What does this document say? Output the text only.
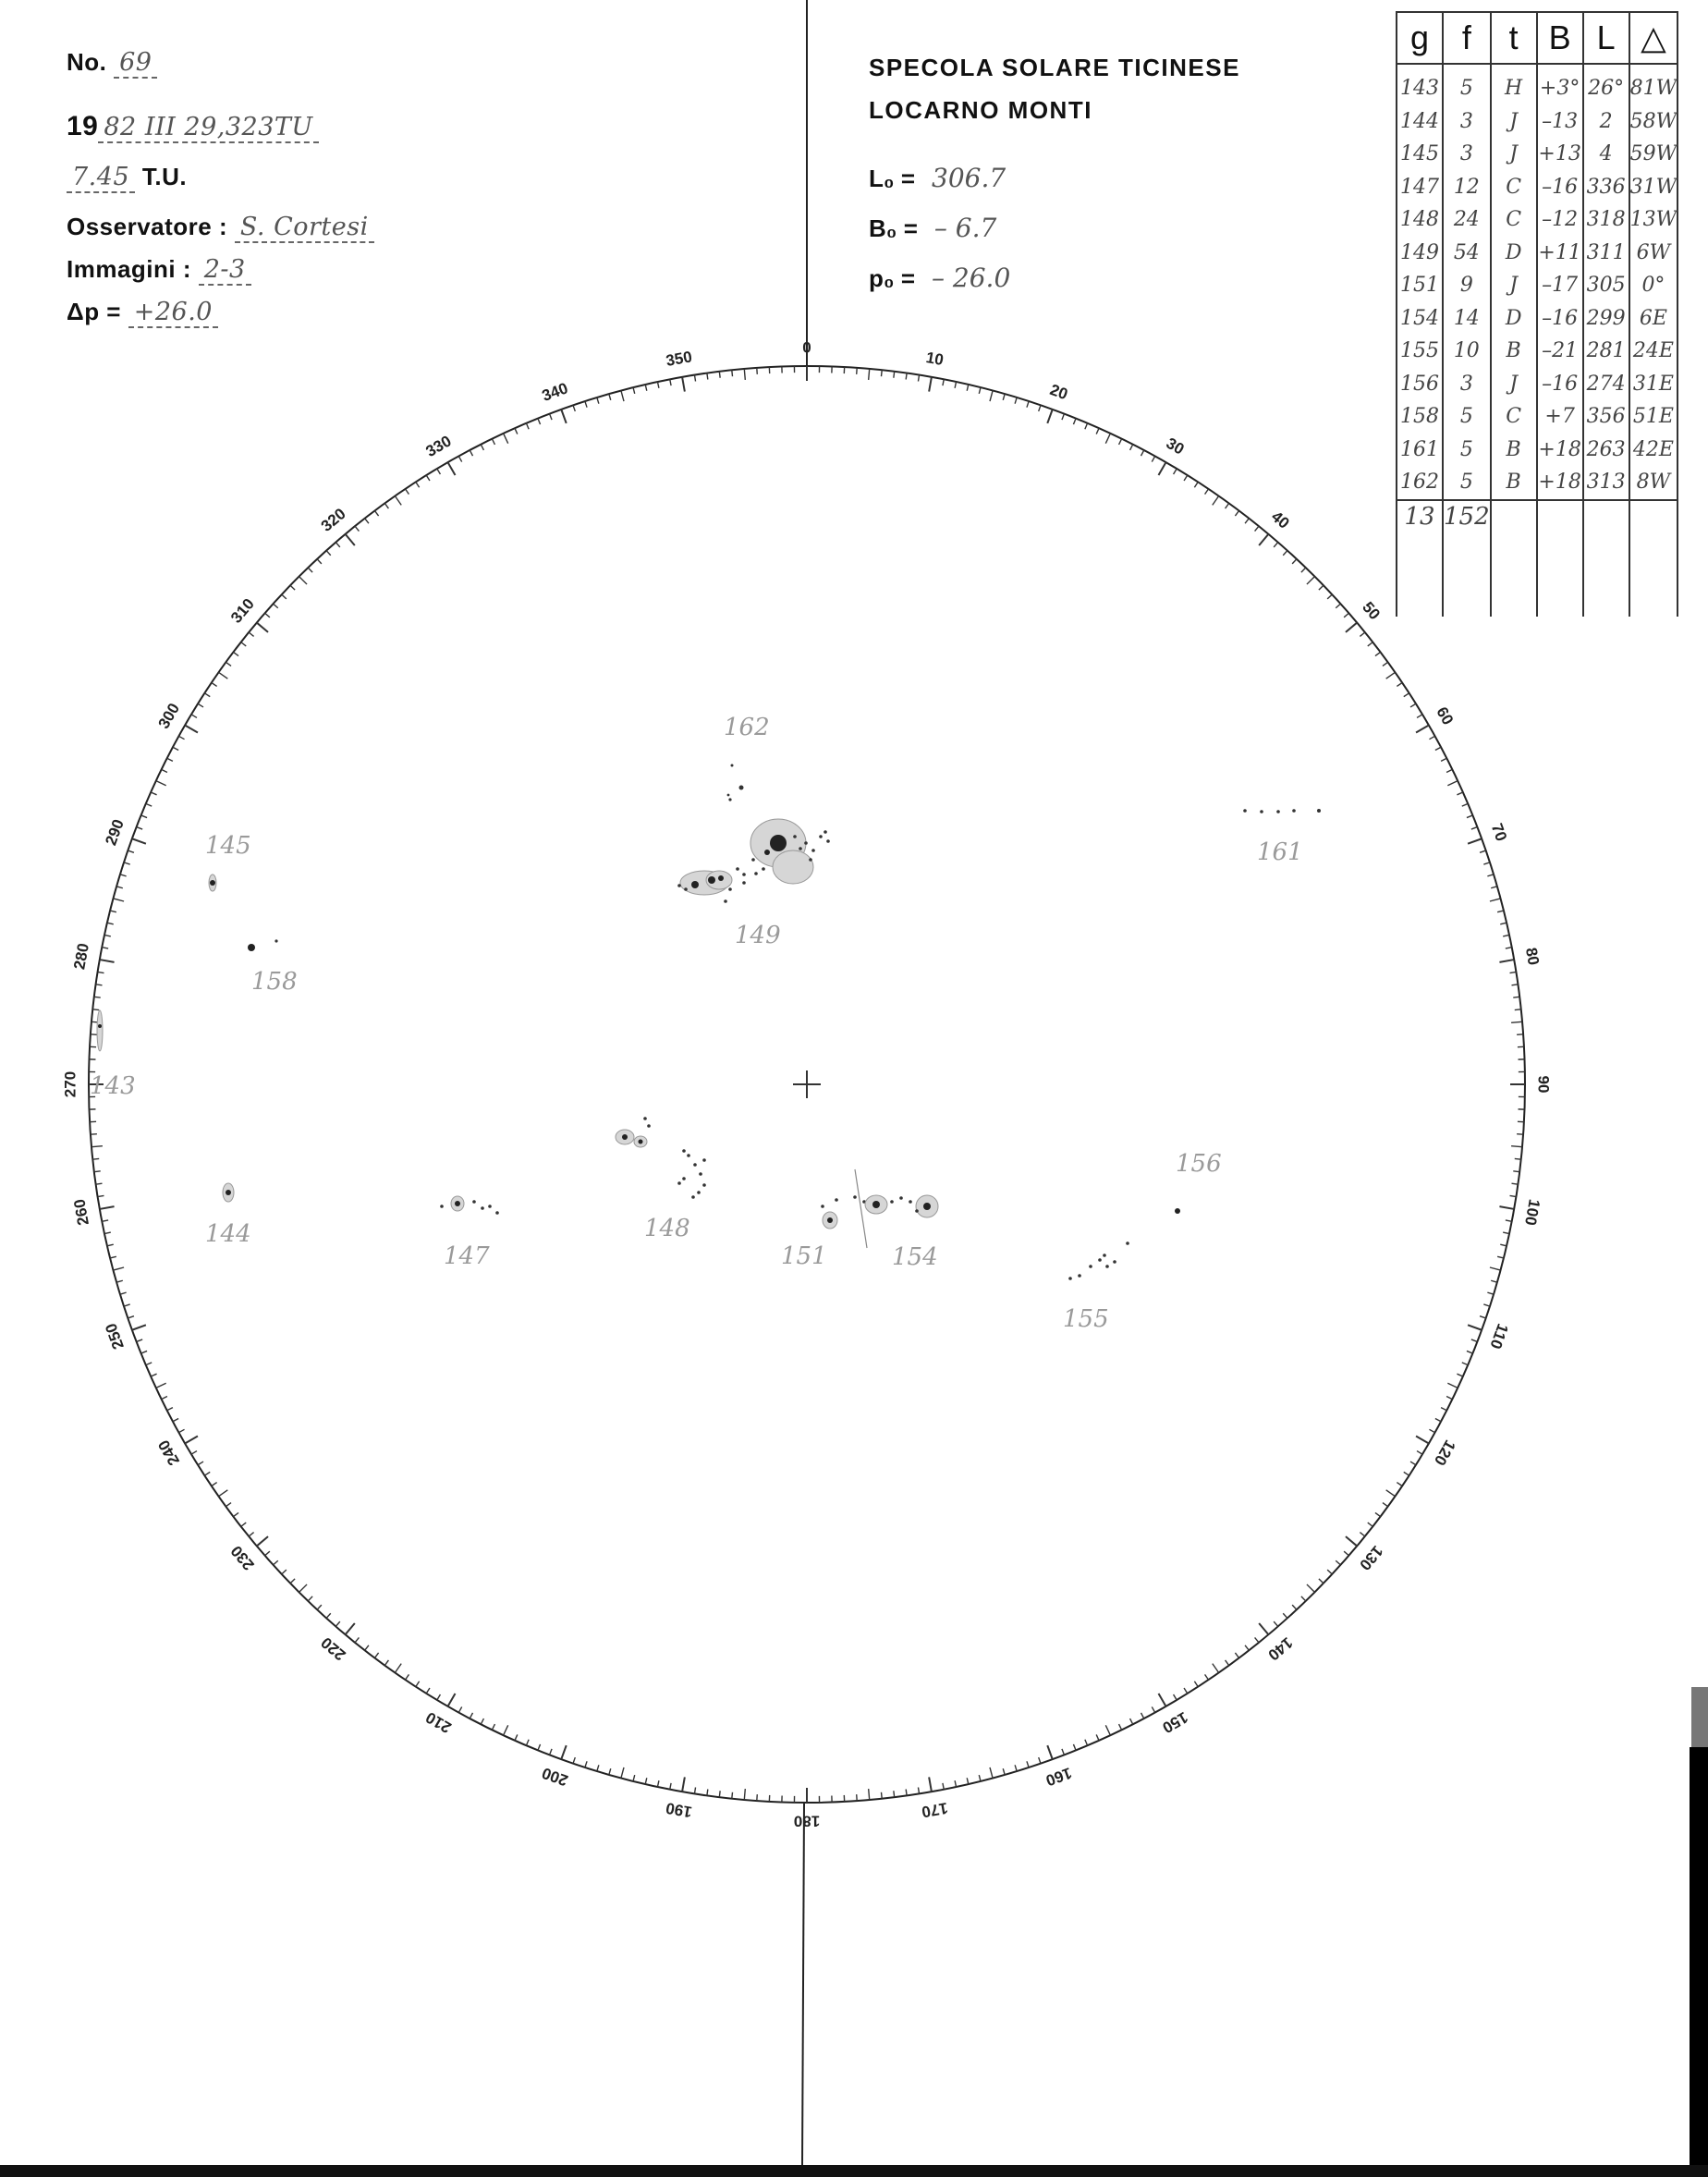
No. 69
19 82 III 29,323TU
7.45 T.U.
Osservatore : S. Cortesi
Immagini : 2-3
Δp = +26.0
SPECOLA SOLARE TICINESE
LOCARNO MONTI
L₀ = 306.7
B₀ = – 6.7
p₀ = – 26.0
g	f	t	B	L	△
143	5	H	+3°	26°	81W
144	3	J	–13	2	58W
145	3	J	+13	4	59W
147	12	C	–16	336	31W
148	24	C	–12	318	13W
149	54	D	+11	311	6W
151	9	J	–17	305	0°
154	14	D	–16	299	6E
155	10	B	–21	281	24E
156	3	J	–16	274	31E
158	5	C	+7	356	51E
161	5	B	+18	263	42E
162	5	B	+18	313	8W
13	152				

0
10
20
30
40
50
60
70
80
90
100
110
120
130
140
150
160
170
180
190
200
210
220
230
240
250
260
270
280
290
300
310
320
330
340
350
162
145
149
158
161
143
156
144
147
148
151	154
155
